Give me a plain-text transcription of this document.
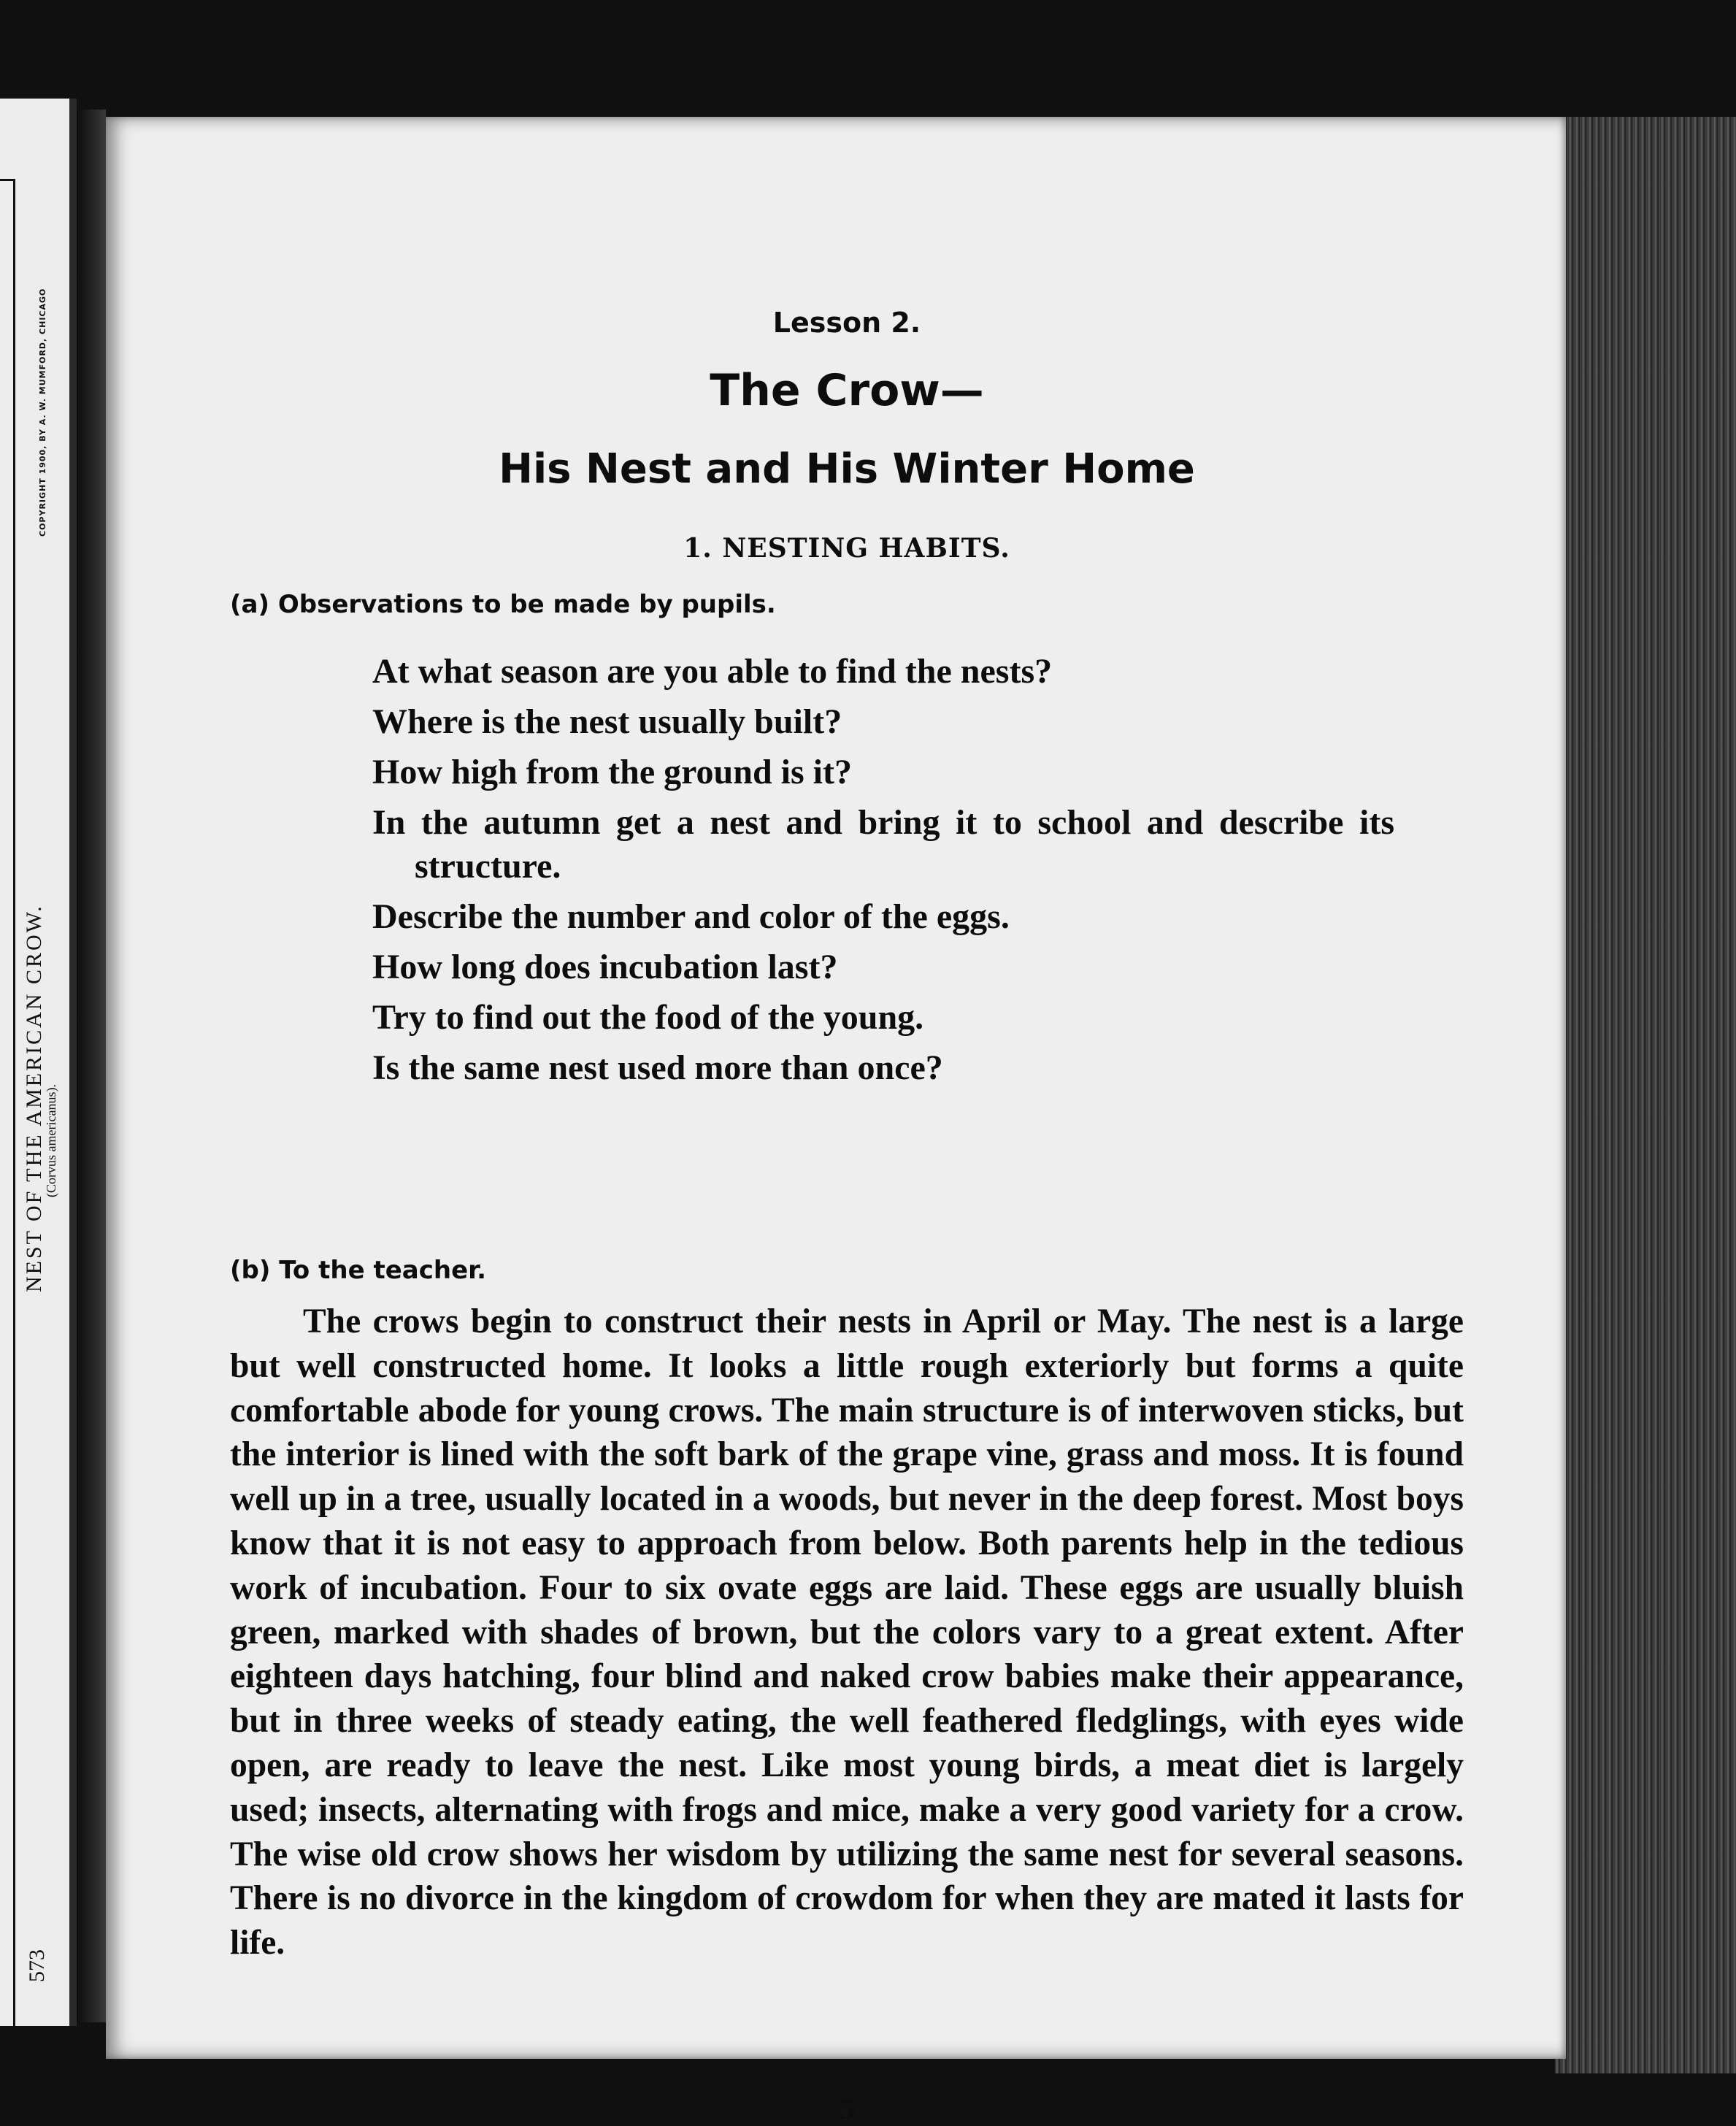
COPYRIGHT 1900, BY A. W. MUMFORD, CHICAGO
NEST OF THE AMERICAN CROW.
(Corvus americanus).
573
Lesson 2.
The Crow—
His Nest and His Winter Home
1. NESTING HABITS.
(a) Observations to be made by pupils.
At what season are you able to find the nests?
Where is the nest usually built?
How high from the ground is it?
In the autumn get a nest and bring it to school and describe its structure.
Describe the number and color of the eggs.
How long does incubation last?
Try to find out the food of the young.
Is the same nest used more than once?
(b) To the teacher.

The crows begin to construct their nests in April or May. The nest is a large but well constructed home. It looks a little rough exteriorly but forms a quite comfortable abode for young crows. The main structure is of interwoven sticks, but the interior is lined with the soft bark of the grape vine, grass and moss. It is found well up in a tree, usually located in a woods, but never in the deep forest. Most boys know that it is not easy to approach from below. Both parents help in the tedious work of incubation. Four to six ovate eggs are laid. These eggs are usually bluish green, marked with shades of brown, but the colors vary to a great extent. After eighteen days hatching, four blind and naked crow babies make their appearance, but in three weeks of steady eating, the well feathered fledglings, with eyes wide open, are ready to leave the nest. Like most young birds, a meat diet is largely used; insects, alternating with frogs and mice, make a very good variety for a crow. The wise old crow shows her wisdom by utilizing the same nest for several seasons. There is no divorce in the kingdom of crowdom for when they are mated it lasts for life.

5
